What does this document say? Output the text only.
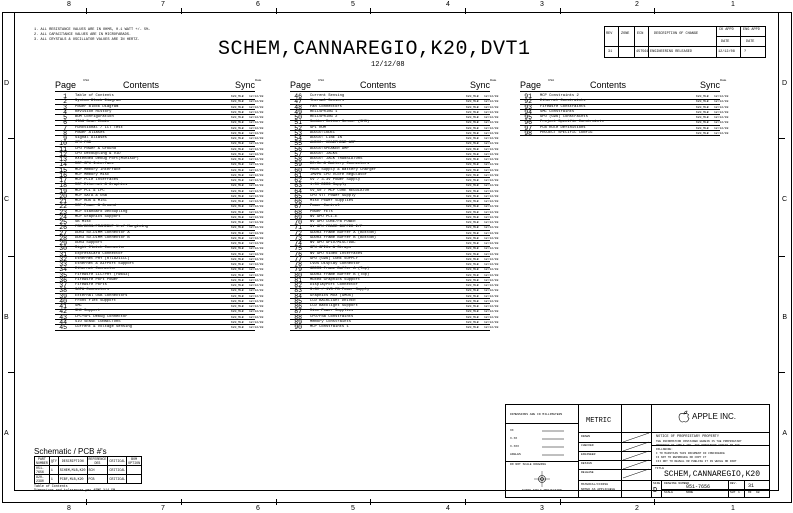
8	7	6	5	4	3	2	1
8	7	6	5	4	3	2	1
D
C
B
A
D
C
B
A
1. ALL RESISTANCE VALUES ARE IN OHMS, 0.1 WATT +/- 5%.
2. ALL CAPACITANCE VALUES ARE IN MICROFARADS.
3. ALL CRYSTALS & OSCILLATOR VALUES ARE IN HERTZ.	SCHEM,CANNAREGIO,K20,DVT1
12/12/08
REV ZONE ECN	DESCRIPTION OF CHANGE
CK APPD	ENG APPD
DATE	DATE
31	457561 ENGINEERING RELEASED	12/12/08	?
Page	Contents	Sync
CSA	Date
1 Table of Contents	K20_MLB 12/12/08
2 System Block Diagram	K20_MLB 12/12/08
3 Power Block Diagram	K20_MLB 12/12/08
4 Revision History	K20_MLB 12/12/08
5 BOM Configuration	K20_MLB 12/12/08
6 JTAG Scan Chain	K20_MLB 12/12/08
7 Functional / ICT Test	K20_MLB 12/12/08
8 Power Aliases	K20_MLB 12/12/08
9 Signal Aliases	K20_MLB 12/12/08
10 CPU FSB	K20_MLB 12/12/08
11 CPU Power & Ground	K20_MLB 12/12/08
12 CPU Decoupling & VID	K20_MLB 12/12/08
13 eXtended Debug Port(MiniXDP)	K20_MLB 12/12/08
14 MCP CPU Interface	K20_MLB 12/12/08
15 MCP Memory Interface	K20_MLB 12/12/08
16 MCP Memory Misc	K20_MLB 12/12/08
17 MCP PCIe Interfaces	K20_MLB 12/12/08
18 MCP Ethernet & Graphics	K20_MLB 12/12/08
19 MCP PCI & LPC	K20_MLB 12/12/08
20 MCP SATA & USB	K20_MLB 12/12/08
21 MCP HDA & MISC	K20_MLB 12/12/08
22 MCP Power & Ground	K20_MLB 12/12/08
23 MCP Standard Decoupling	K20_MLB 12/12/08
24 MCP Graphics Support	K20_MLB 12/12/08
25 SB Misc	K20_MLB 12/12/08
26 FSB/DDR3/FRAMEBUF Vref Margining	K20_MLB 12/12/08
27 DDR3 SO-DIMM Connector A	K20_MLB 12/12/08
28 DDR3 SO-DIMM Connector B	K20_MLB 12/12/08
29 DDR3 Support	K20_MLB 12/12/08
30 Right Clutch Connector	K20_MLB 12/12/08
31 ExpressCard Connector	K20_MLB 12/12/08
32 Ethernet PHY (RTL8211CL)	K20_MLB 12/12/08
33 Ethernet & AirPort Support	K20_MLB 12/12/08
34 Ethernet Connector	K20_MLB 12/12/08
35 FireWire LLC/PHY (FW643)	K20_MLB 12/12/08
36 FireWire Port Power	K20_MLB 12/12/08
37 FireWire Ports	K20_MLB 12/12/08
38 SATA Connectors	K20_MLB 12/12/08
39 External USB Connectors	K20_MLB 12/12/08
40 Front Flex Support	K20_MLB 12/12/08
41 SMC	K20_MLB 12/12/08
42 SMC Support	K20_MLB 12/12/08
43 LPC+SPI Debug Connector	K20_MLB 12/12/08
44 SIO SENSE CONNECTORS	K20_MLB 12/12/08
45 Current & Voltage Sensing	K20_MLB 12/12/08
Page	Contents	Sync
CSA	Date
46 Current Sensing	K20_MLB 12/12/08
47 Thermal Sensors	K20_MLB 12/12/08
48 Fan Connectors	K20_MLB 12/12/08
49 HELLSPRING 1	K20_MLB 12/12/08
50 HELLSPRING 2	K20_MLB 12/12/08
51 Sudden Motion Sensor (SMS)	K20_MLB 12/12/08
52 SPI ROM	K20_MLB 12/12/08
53 AUDIO:CODEC	K20_MLB 12/12/08
54 AUDIO: LINE IN	K20_MLB 12/12/08
55 AUDIO: HEADPHONE AMP	K20_MLB 12/12/08
56 AUDIO:SPEAKER AMP	K20_MLB 12/12/08
57 AUDIO: JACKS	K20_MLB 12/12/08
58 AUDIO: JACK TRANSLATORS	K20_MLB 12/12/08
59 DC-In & Battery Connectors	K20_MLB 12/12/08
60 PBus Supply & Battery Charger	K20_MLB 12/12/08
61 IMVP6 CPU VCore Regulator	K20_MLB 12/12/08
62 5V / 3.3V Power Supply	K20_MLB 12/12/08
63 1.5V DDR3 Supply	K20_MLB 12/12/08
64 5V_S0 / MCP CORE REGULATOR	K20_MLB 12/12/08
65 CPU VTT Power Supply	K20_MLB 12/12/08
66 Misc Power Supplies	K20_MLB 12/12/08
67 Power Control	K20_MLB 12/12/08
68 Power FETs	K20_MLB 12/12/08
69 NV GPU PCI-E	K20_MLB 12/12/08
70 NV GPU CORE/FB POWER	K20_MLB 12/12/08
71 NV GPU FRAME BUFFER I/F	K20_MLB 12/12/08
72 GDDR3 Frame Buffer A (Bottom)	K20_MLB 12/12/08
73 GDDR3 Frame Buffer B (Bottom)	K20_MLB 12/12/08
74 NV GPU GPIO/MISC/DAC	K20_MLB 12/12/08
75 GPU GPIOs & Straps	K20_MLB 12/12/08
76 NV GPU Video Interfaces	K20_MLB 12/12/08
77 GPU (G96) CORE SUPPLY	K20_MLB 12/12/08
78 LVDS Display Connector	K20_MLB 12/12/08
79 GDDR3 Frame Buffer A (Top)	K20_MLB 12/12/08
80 GDDR3 Frame Buffer B (Top)	K20_MLB 12/12/08
81 Muxed Graphics Support	K20_MLB 12/12/08
82 DisplayPort Connector	K20_MLB 12/12/08
83 3.3V / 1V5 FB Power Supply	K20_MLB 12/12/08
84 Graphics MUX (GMUX)	K20_MLB 12/12/08
85 LCD BACKLIGHT DRIVER	K20_MLB 12/12/08
86 LCD Backlight Support	K20_MLB 12/12/08
87 Misc Power Supplies	K20_MLB 12/12/08
88 CPU/FSB Constraints	K20_MLB 12/12/08
89 Memory Constraints	K20_MLB 12/12/08
90 MCP Constraints 1	K20_MLB 12/12/08
Page	Contents	Sync
CSA	Date
91 MCP Constraints 2	K20_MLB 12/12/08
92 Ethernet Constraints	K20_MLB 12/12/08
93 FireWire Constraints	K20_MLB 12/12/08
94 SMC Constraints	K20_MLB 12/12/08
95 GPU (G96) Constraints	K20_MLB 12/12/08
96 Project Specific Constraints	K20_MLB 12/12/08
97 PCB Rule Definitions	K20_MLB 12/12/08
98 PROJECT SPECIFIC CONFIG	K20_MLB 12/12/08
Schematic / PCB #'s
PART NUMBER	QTY	DESCRIPTION	REFERENCE DES	CRITICAL	BOM OPTION
051-7656	1	SCHEM,MLB,K20	SCH	CRITICAL	
820-2390	1	PCBF,MLB,K20	PCB	CRITICAL	
Table of Contents
Dimensions and tolerances per ASME Y14.5M
DIMENSIONS ARE IN MILLIMETERS
XX
X.XX
X.XXX
ANGLES
DO NOT SCALE DRAWING
THIRD ANGLE PROJECTION
METRIC
DRAWN
CHECKED
ENGINEER
DESIGN
RELEASE
MATERIAL/FINISH
NOTED AS APPLICABLE
APPLE INC.
NOTICE OF PROPRIETARY PROPERTY
TITLE
SCHEM,CANNAREGIO,K20
SIZE
D
DRAWING NUMBER
051-7656
REV. 31
SCALE	NONE	SHT 1	OF 98
THE INFORMATION CONTAINED HEREIN IS THE PROPRIETARY
PROPERTY OF APPLE INC. THE POSSESSOR AGREES TO THE
FOLLOWING:
I TO MAINTAIN THIS DOCUMENT IN CONFIDENCE
II NOT TO REPRODUCE OR COPY IT
III NOT TO REVEAL OR PUBLISH IT IN WHOLE OR PART
